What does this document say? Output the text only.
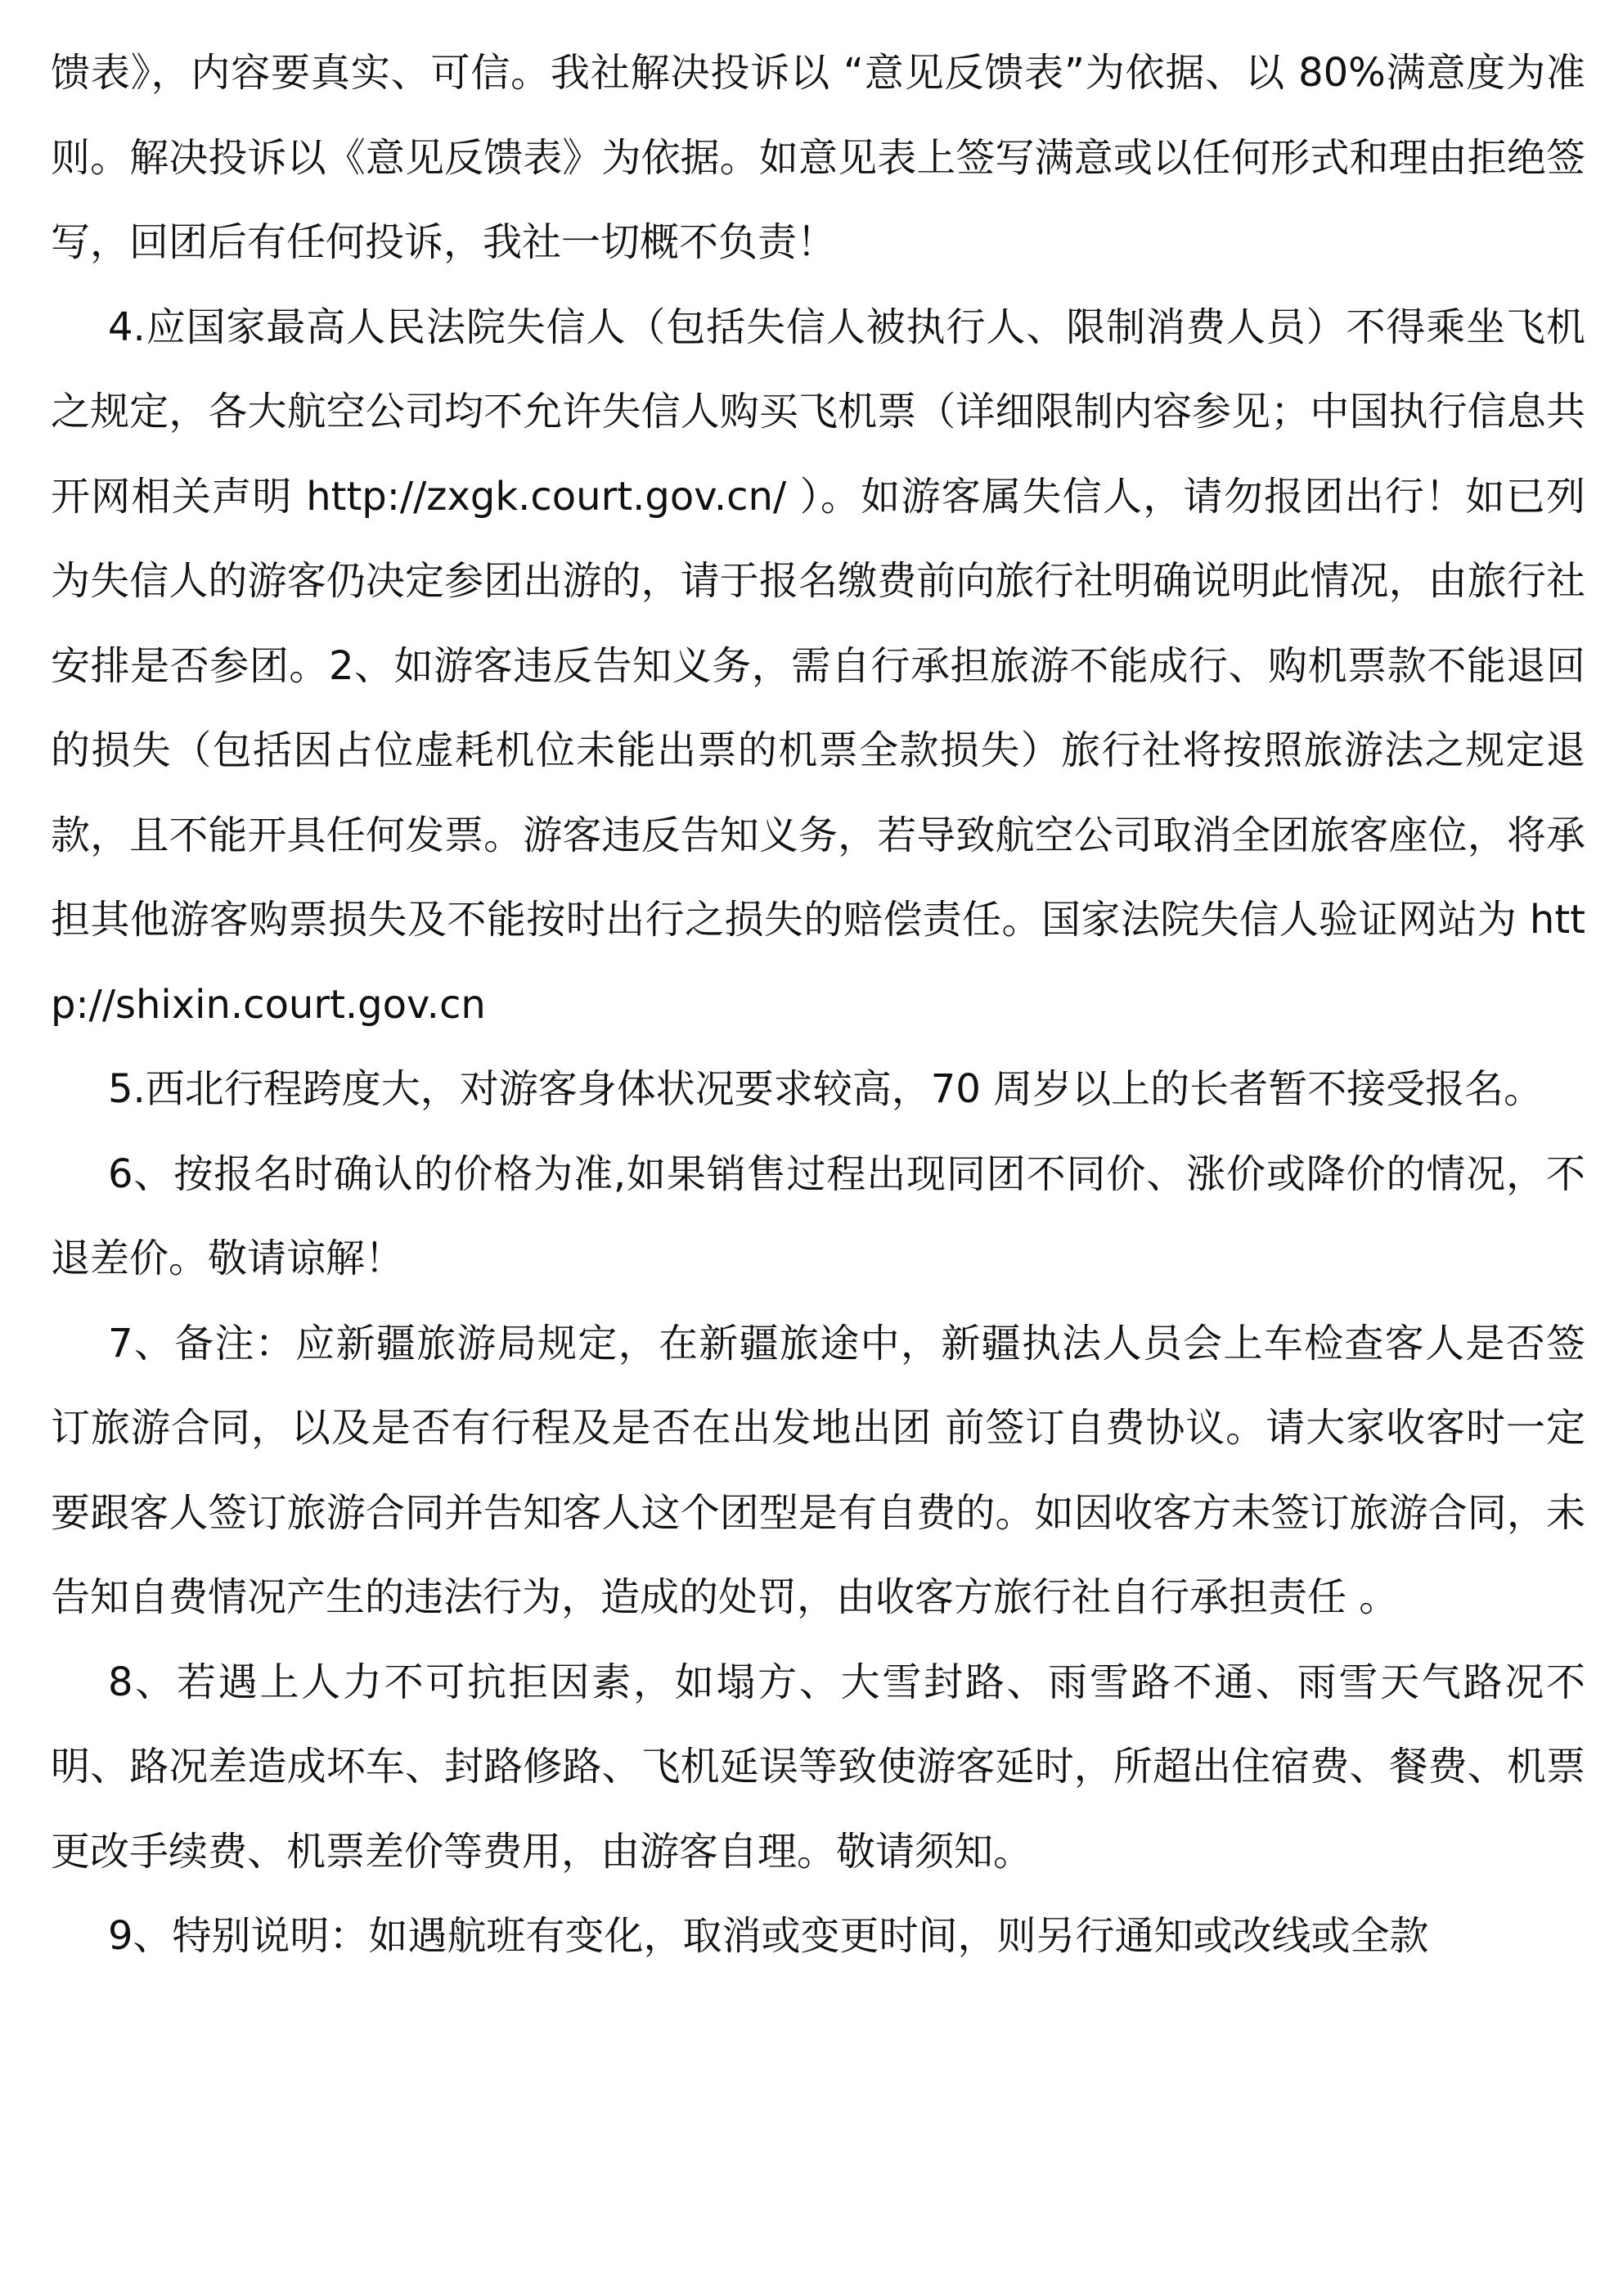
馈表》，内容要真实、可信。我社解决投诉以 “意见反馈表”为依据、以 80%满意度为准则。解决投诉以《意见反馈表》为依据。如意见表上签写满意或以任何形式和理由拒绝签写，回团后有任何投诉，我社一切概不负责！

4.应国家最高人民法院失信人（包括失信人被执行人、限制消费人员）不得乘坐飞机之规定，各大航空公司均不允许失信人购买飞机票（详细限制内容参见；中国执行信息共开网相关声明 http://zxgk.court.gov.cn/ ）。如游客属失信人，请勿报团出行！如已列为失信人的游客仍决定参团出游的，请于报名缴费前向旅行社明确说明此情况，由旅行社安排是否参团。2、如游客违反告知义务，需自行承担旅游不能成行、购机票款不能退回的损失（包括因占位虚耗机位未能出票的机票全款损失）旅行社将按照旅游法之规定退款，且不能开具任何发票。游客违反告知义务，若导致航空公司取消全团旅客座位，将承担其他游客购票损失及不能按时出行之损失的赔偿责任。国家法院失信人验证网站为 http://shixin.court.gov.cn

5.西北行程跨度大，对游客身体状况要求较高，70 周岁以上的长者暂不接受报名。

6、按报名时确认的价格为准,如果销售过程出现同团不同价、涨价或降价的情况，不退差价。敬请谅解！

7、备注：应新疆旅游局规定，在新疆旅途中，新疆执法人员会上车检查客人是否签订旅游合同，以及是否有行程及是否在出发地出团 前签订自费协议。请大家收客时一定要跟客人签订旅游合同并告知客人这个团型是有自费的。如因收客方未签订旅游合同，未告知自费情况产生的违法行为，造成的处罚，由收客方旅行社自行承担责任 。

8、若遇上人力不可抗拒因素，如塌方、大雪封路、雨雪路不通、雨雪天气路况不明、路况差造成坏车、封路修路、飞机延误等致使游客延时，所超出住宿费、餐费、机票更改手续费、机票差价等费用，由游客自理。敬请须知。

9、特别说明：如遇航班有变化，取消或变更时间，则另行通知或改线或全款
